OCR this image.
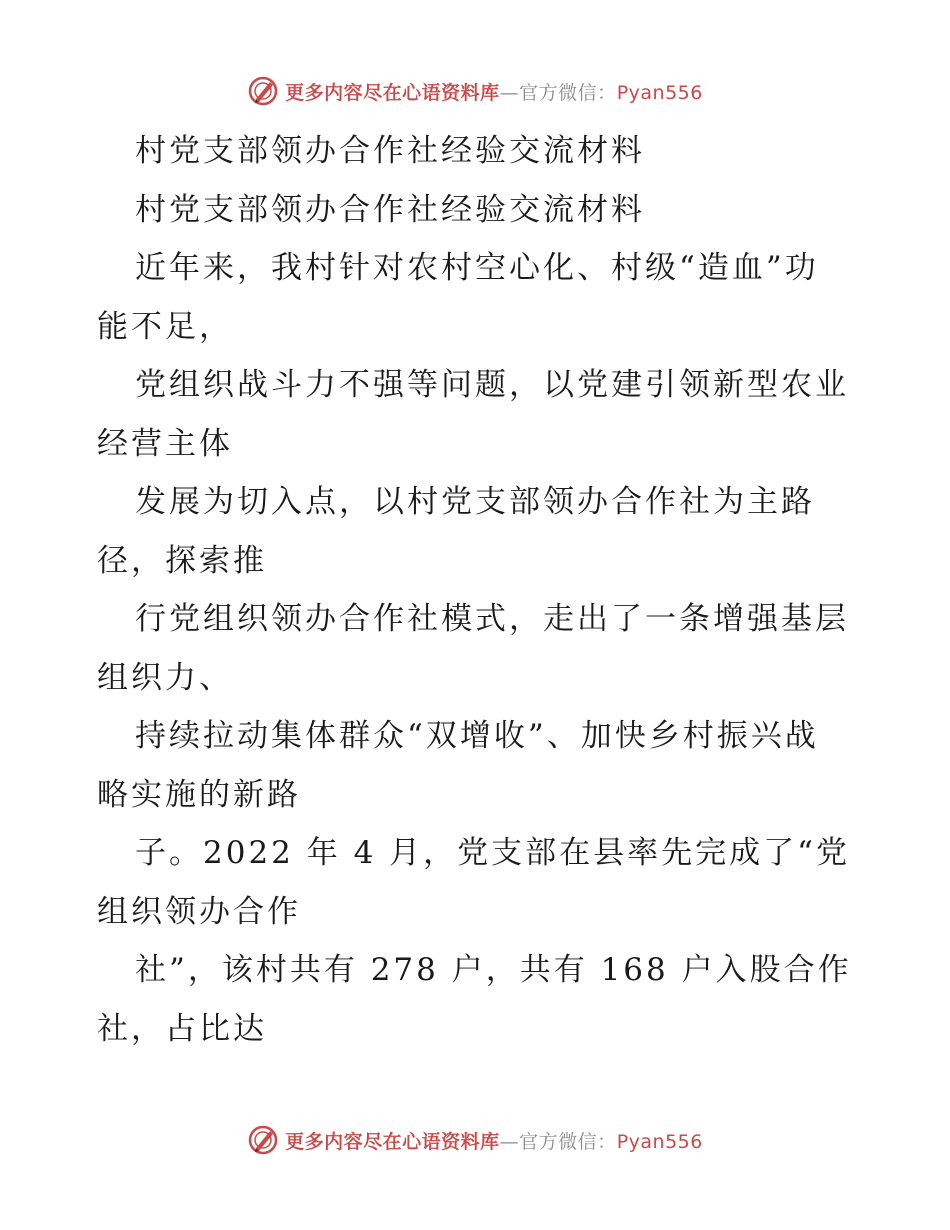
更多内容尽在心语资料库—官方微信：Pyan556
村党支部领办合作社经验交流材料
村党支部领办合作社经验交流材料
近年来，我村针对农村空心化、村级“造血”功
能不足，
党组织战斗力不强等问题，以党建引领新型农业
经营主体
发展为切入点，以村党支部领办合作社为主路
径，探索推
行党组织领办合作社模式，走出了一条增强基层
组织力、
持续拉动集体群众“双增收”、加快乡村振兴战
略实施的新路
子。2022 年 4 月，党支部在县率先完成了“党
组织领办合作
社”，该村共有 278 户，共有 168 户入股合作
社，占比达
更多内容尽在心语资料库—官方微信：Pyan556
